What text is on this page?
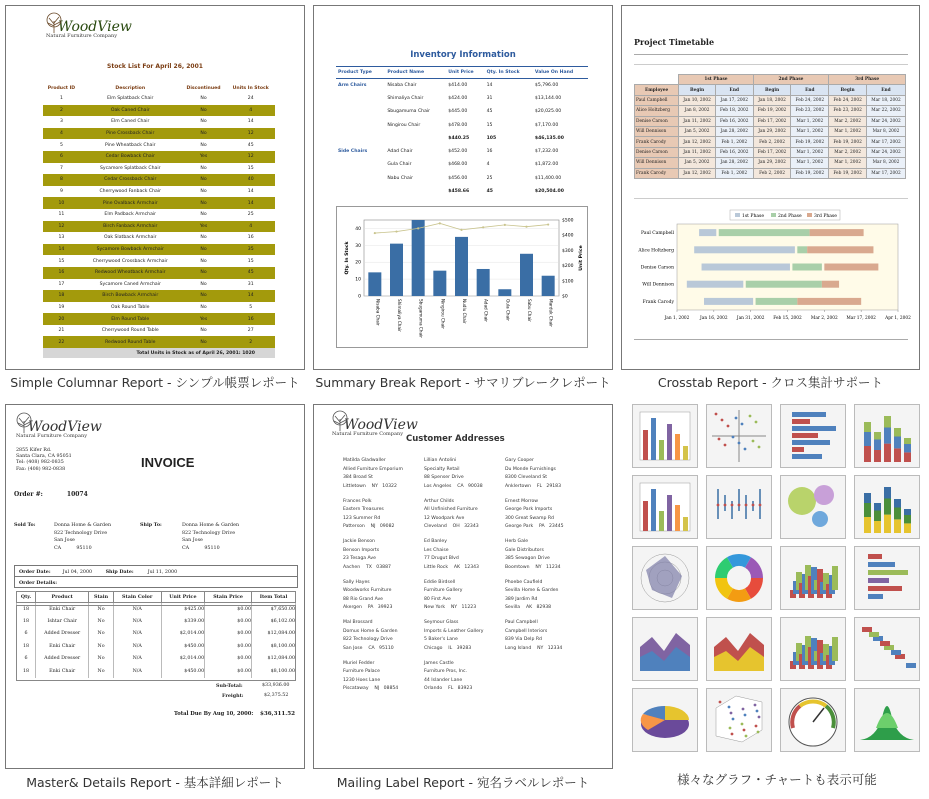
WoodView
Natural Furniture Company
Stock List For April 26, 2001
Product ID	Description	Discontinued	Units In Stock
1	Elm Splatback Chair	No	24
2	Oak Caned Chair	No	4
3	Elm Caned Chair	No	14
4	Pine Crossback Chair	No	12
5	Pine Wheatback Chair	No	45
6	Cedar Bowback Chair	Yes	12
7	Sycamore Splatback Chair	No	15
8	Cedar Crossback Chair	No	40
9	Cherrywood Fanback Chair	No	14
10	Pine Ovalback Armchair	No	14
11	Elm Padback Armchair	No	25
12	Birch Fanback Armchair	Yes	4
13	Oak Slatback Armchair	No	16
14	Sycamore Bowback Armchair	No	35
15	Cherrywood Crossback Armchair	No	15
16	Redwood Wheatback Armchair	No	45
17	Sycamore Caned Armchair	No	31
18	Birch Bowback Armchair	No	14
19	Oak Round Table	No	5
20	Elm Round Table	Yes	16
21	Cherrywood Round Table	No	27
22	Redwood Round Table	No	2
Total Units in Stock as of April 26, 2001: 1020			
Inventory Information
Product Type	Product Name	Unit Price	Qty. In Stock	Value On Hand
Arm Chairs	Nisaba Chair	$414.00	14	$5,796.00
	Shimaliya Chair	$424.00	31	$13,144.00
	Sbugamuma Chair	$445.00	45	$20,025.00
	Ningirou Chair	$478.00	15	$7,170.00
		$440.25	105	$46,135.00
Side Chairs	Adad Chair	$452.00	16	$7,232.00
	Gula Chair	$468.00	4	$1,872.00
	Nabu Chair	$456.00	25	$11,400.00
		$458.66	45	$20,504.00
0
10
20
30
40
$0
$100
$200
$300
$400
$500
Nisaba Chair	Shimaliya Chair	Sbugamuma Chair	Ningirou Chair	Nudlu Chair	Adad Chair	Gula Chair	Sabu Chair	Marduk Chair
Qty. In Stock	Unit Price
Project Timetable
	1st Phase		2nd Phase		3rd Phase	
Employee	Begin	End	Begin	End	Begin	End
Paul Campbell	Jan 10, 2002	Jan 17, 2002	Jan 18, 2002	Feb 24, 2002	Feb 24, 2002	Mar 18, 2002
Alice Holtzberg	Jan 8, 2002	Feb 18, 2002	Feb 19, 2002	Feb 23, 2002	Feb 23, 2002	Mar 22, 2002
Denise Carson	Jan 11, 2002	Feb 16, 2002	Feb 17, 2002	Mar 1, 2002	Mar 2, 2002	Mar 24, 2002
Will Dennison	Jan 5, 2002	Jan 28, 2002	Jan 29, 2002	Mar 1, 2002	Mar 1, 2002	Mar 8, 2002
Frank Carody	Jan 12, 2002	Feb 1, 2002	Feb 2, 2002	Feb 19, 2002	Feb 19, 2002	Mar 17, 2002
Denise Carson	Jan 11, 2002	Feb 16, 2002	Feb 17, 2002	Mar 1, 2002	Mar 2, 2002	Mar 24, 2002
Will Dennison	Jan 5, 2002	Jan 28, 2002	Jan 29, 2002	Mar 1, 2002	Mar 1, 2002	Mar 8, 2002
Frank Carody	Jan 12, 2002	Feb 1, 2002	Feb 2, 2002	Feb 19, 2002	Feb 19, 2002	Mar 17, 2002
1st Phase	2nd Phase	3rd Phase
Jan 1, 2002 Jan 16, 2002 Jan 31, 2002 Feb 15, 2002 Mar 2, 2002 Mar 17, 2002 Apr 1, 2002
Paul Campbell
Alice Holtzberg
Denise Carson
Will Dennison
Frank Carody
WoodView
Natural Furniture Company
2855 Kifer Rd.
Santa Clara, CA 95051
Tel: (408) 982-0835
Fax: (408) 982-0838	INVOICE
Order #:	10074
Sold To:	Donna Home & Garden
822 Technology Drive
San Jose
CA          95110
Ship To:	Donna Home & Garden
822 Technology Drive
San Jose
CA          95110
Order Date:	Jul 04, 2000	Ship Date:	Jul 11, 2000
Order Details:
Qty.	Product	Stain	Stain Color	Unit Price	Stain Price	Item Total
18	Enki Chair	No	N/A	$425.00	$0.00	$7,650.00
18	Ishtar Chair	No	N/A	$339.00	$0.00	$6,102.00
6	Added Dresser	No	N/A	$2,014.00	$0.00	$12,084.00
18	Enki Chair	No	N/A	$450.00	$0.00	$8,100.00
6	Added Dresser	No	N/A	$2,014.00	$0.00	$12,084.00
18	Enki Chair	No	N/A	$450.00	$0.00	$8,100.00
Sub-Total:	$33,936.00
Freight:	$2,375.52
Total Due By Aug 10, 2000: $36,311.52
WoodView
Natural Furniture Company Customer Addresses
Matilda Gladwaller
Allied Furniture Emporium
384 Broad St
Littletown    NY   10322
Lillian Antolini
Specialty Retail
88 Spenser Drive
Los Angeles    CA   90038
Gary Cooper
Du Monde Furnishings
8300 Cleveland St
Anklertown    FL   29183
Frances Polk
Eastern Treasures
123 Summer Rd
Patterson    NJ   09082
Arthur Childs
All Unfinished Furniture
12 Woodpark Ave
Cleveland    OH   32343
Ernest Morrow
George Park Imports
300 Great Swamp Rd
George Park    PA   23445
Jackie Benson
Benson Imports
23 Tesaga Ave
Aachen    TX   03887
Ed Banley
Les Chaise
77 Drugut Blvd
Little Rock    AK   12343
Herb Gale
Gale Distributors
385 Sewagon Drive
Boomtown    NY   11234
Sally Hayes
Woodworks Furniture
88 Rio Grand Ave
Akergen    PA   39923
Eddie Birdsell
Furniture Gallery
80 First Ave
New York    NY   11223
Phoebe Caufield
Sevilla Home & Garden
389 Jardim Rd
Sevilla    AK   82938
Mal Brossard
Domus Home & Garden
822 Technology Drive
San Jose    CA   95110
Seymour Glass
Imports & Leather Gallery
5 Baker's Lane
Chicago    IL   39283
Paul Campbell
Campbell Interiors
839 Via Delp Rd
Long Island    NY   12334
Muriel Fedder
Furniture Palace
1230 Hoes Lane
Piscataway    NJ   08854
James Castle
Furniture Pros, Inc.
44 Islander Lane
Orlando    FL   83923
Simple Columnar Report - シンプル帳票レポート	Summary Break Report - サマリブレークレポート	Crosstab Report - クロス集計サポート
Master& Details Report - 基本詳細レポート	Mailing Label Report - 宛名ラベルレポート	様々なグラフ・チャートも表示可能
